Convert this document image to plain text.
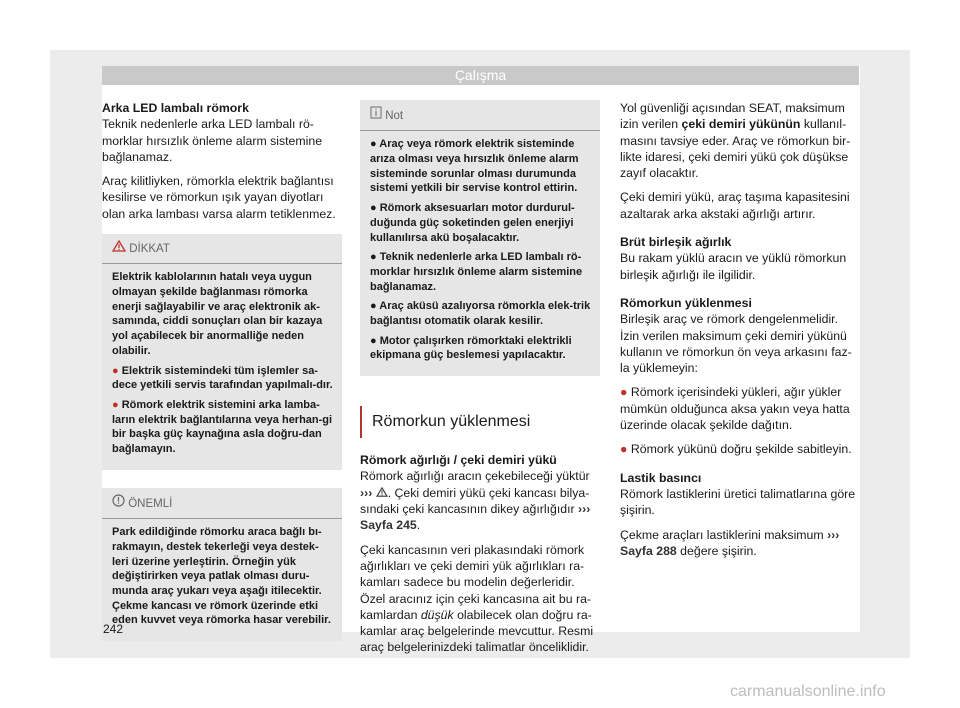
Çalışma

Arka LED lambalı römork

Teknik nedenlerle arka LED lambalı rö-morklar hırsızlık önleme alarm sistemine bağlanamaz.

Araç kilitliyken, römorkla elektrik bağlantısı kesilirse ve römorkun ışık yayan diyotları olan arka lambası varsa alarm tetiklenmez.

DİKKAT

Elektrik kablolarının hatalı veya uygun olmayan şekilde bağlanması römorka enerji sağlayabilir ve araç elektronik ak-samında, ciddi sonuçları olan bir kazaya yol açabilecek bir anormalliğe neden olabilir.

● Elektrik sistemindeki tüm işlemler sa-dece yetkili servis tarafından yapılmalı-dır.

● Römork elektrik sistemini arka lamba-ların elektrik bağlantılarına veya herhan-gi bir başka güç kaynağına asla doğru-dan bağlamayın.

ÖNEMLİ

Park edildiğinde römorku araca bağlı bı-rakmayın, destek tekerleği veya destek-leri üzerine yerleştirin. Örneğin yük değiştirirken veya patlak olması duru-munda araç yukarı veya aşağı itilecektir. Çekme kancası ve römork üzerinde etki eden kuvvet veya römorka hasar verebilir.

Not

● Araç veya römork elektrik sisteminde arıza olması veya hırsızlık önleme alarm sisteminde sorunlar olması durumunda sistemi yetkili bir servise kontrol ettirin.

● Römork aksesuarları motor durdurul-duğunda güç soketinden gelen enerjiyi kullanılırsa akü boşalacaktır.

● Teknik nedenlerle arka LED lambalı rö-morklar hırsızlık önleme alarm sistemine bağlanamaz.

● Araç aküsü azalıyorsa römorkla elek-trik bağlantısı otomatik olarak kesilir.

● Motor çalışırken römorktaki elektrikli ekipmana güç beslemesi yapılacaktır.

Römorkun yüklenmesi

Römork ağırlığı / çeki demiri yükü

Römork ağırlığı aracın çekebileceği yüktür ››› . Çeki demiri yükü çeki kancası bilya-sındaki çeki kancasının dikey ağırlığıdır ››› Sayfa 245.

Çeki kancasının veri plakasındaki römork ağırlıkları ve çeki demiri yük ağırlıkları ra-kamları sadece bu modelin değerleridir. Özel aracınız için çeki kancasına ait bu ra-kamlardan düşük olabilecek olan doğru ra-kamlar araç belgelerinde mevcuttur. Resmi araç belgelerinizdeki talimatlar önceliklidir.

Yol güvenliği açısından SEAT, maksimum izin verilen çeki demiri yükünün kullanıl-masını tavsiye eder. Araç ve römorkun bir-likte idaresi, çeki demiri yükü çok düşükse zayıf olacaktır.

Çeki demiri yükü, araç taşıma kapasitesini azaltarak arka akstaki ağırlığı artırır.

Brüt birleşik ağırlık

Bu rakam yüklü aracın ve yüklü römorkun birleşik ağırlığı ile ilgilidir.

Römorkun yüklenmesi

Birleşik araç ve römork dengelenmelidir. İzin verilen maksimum çeki demiri yükünü kullanın ve römorkun ön veya arkasını faz-la yüklemeyin:

● Römork içerisindeki yükleri, ağır yükler mümkün olduğunca aksa yakın veya hatta üzerinde olacak şekilde dağıtın.

● Römork yükünü doğru şekilde sabitleyin.

Lastik basıncı

Römork lastiklerini üretici talimatlarına göre şişirin.

Çekme araçları lastiklerini maksimum ››› Sayfa 288 değere şişirin.

242
carmanualsonline.info
